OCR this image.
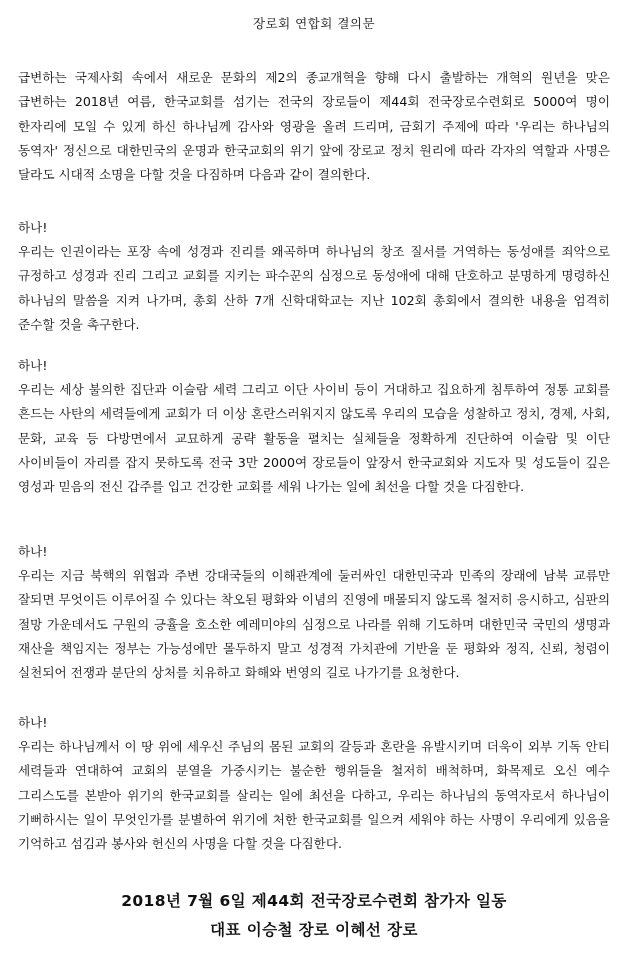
장로회 연합회 결의문

급변하는 국제사회 속에서 새로운 문화의 제2의 종교개혁을 향해 다시 출발하는 개혁의 원년을 맞은 급변하는 2018년 여름, 한국교회를 섬기는 전국의 장로들이 제44회 전국장로수련회로 5000여 명이 한자리에 모일 수 있게 하신 하나님께 감사와 영광을 올려 드리며, 금회기 주제에 따라 '우리는 하나님의 동역자' 정신으로 대한민국의 운명과 한국교회의 위기 앞에 장로교 정치 원리에 따라 각자의 역할과 사명은 달라도 시대적 소명을 다할 것을 다짐하며 다음과 같이 결의한다.

하나!

우리는 인권이라는 포장 속에 성경과 진리를 왜곡하며 하나님의 창조 질서를 거역하는 동성애를 죄악으로 규정하고 성경과 진리 그리고 교회를 지키는 파수꾼의 심정으로 동성애에 대해 단호하고 분명하게 명령하신 하나님의 말씀을 지켜 나가며, 총회 산하 7개 신학대학교는 지난 102회 총회에서 결의한 내용을 엄격히 준수할 것을 촉구한다.

하나!

우리는 세상 불의한 집단과 이슬람 세력 그리고 이단 사이비 등이 거대하고 집요하게 침투하여 정통 교회를 흔드는 사탄의 세력들에게 교회가 더 이상 혼란스러워지지 않도록 우리의 모습을 성찰하고 정치, 경제, 사회, 문화, 교육 등 다방면에서 교묘하게 공략 활동을 펼치는 실체들을 정확하게 진단하여 이슬람 및 이단 사이비들이 자리를 잡지 못하도록 전국 3만 2000여 장로들이 앞장서 한국교회와 지도자 및 성도들이 깊은 영성과 믿음의 전신 갑주를 입고 건강한 교회를 세워 나가는 일에 최선을 다할 것을 다짐한다.

하나!

우리는 지금 북핵의 위협과 주변 강대국들의 이해관계에 둘러싸인 대한민국과 민족의 장래에 남북 교류만 잘되면 무엇이든 이루어질 수 있다는 착오된 평화와 이념의 진영에 매몰되지 않도록 철저히 응시하고, 심판의 절망 가운데서도 구원의 긍휼을 호소한 예레미야의 심정으로 나라를 위해 기도하며 대한민국 국민의 생명과 재산을 책임지는 정부는 가능성에만 몰두하지 말고 성경적 가치관에 기반을 둔 평화와 정직, 신뢰, 청렴이 실천되어 전쟁과 분단의 상처를 치유하고 화해와 번영의 길로 나가기를 요청한다.

하나!

우리는 하나님께서 이 땅 위에 세우신 주님의 몸된 교회의 갈등과 혼란을 유발시키며 더욱이 외부 기독 안티 세력들과 연대하여 교회의 분열을 가중시키는 불순한 행위들을 철저히 배척하며, 화목제로 오신 예수 그리스도를 본받아 위기의 한국교회를 살리는 일에 최선을 다하고, 우리는 하나님의 동역자로서 하나님이 기뻐하시는 일이 무엇인가를 분별하여 위기에 처한 한국교회를 일으켜 세워야 하는 사명이 우리에게 있음을 기억하고 섬김과 봉사와 헌신의 사명을 다할 것을 다짐한다.

2018년 7월 6일 제44회 전국장로수련회 참가자 일동

대표 이승철 장로 이혜선 장로
